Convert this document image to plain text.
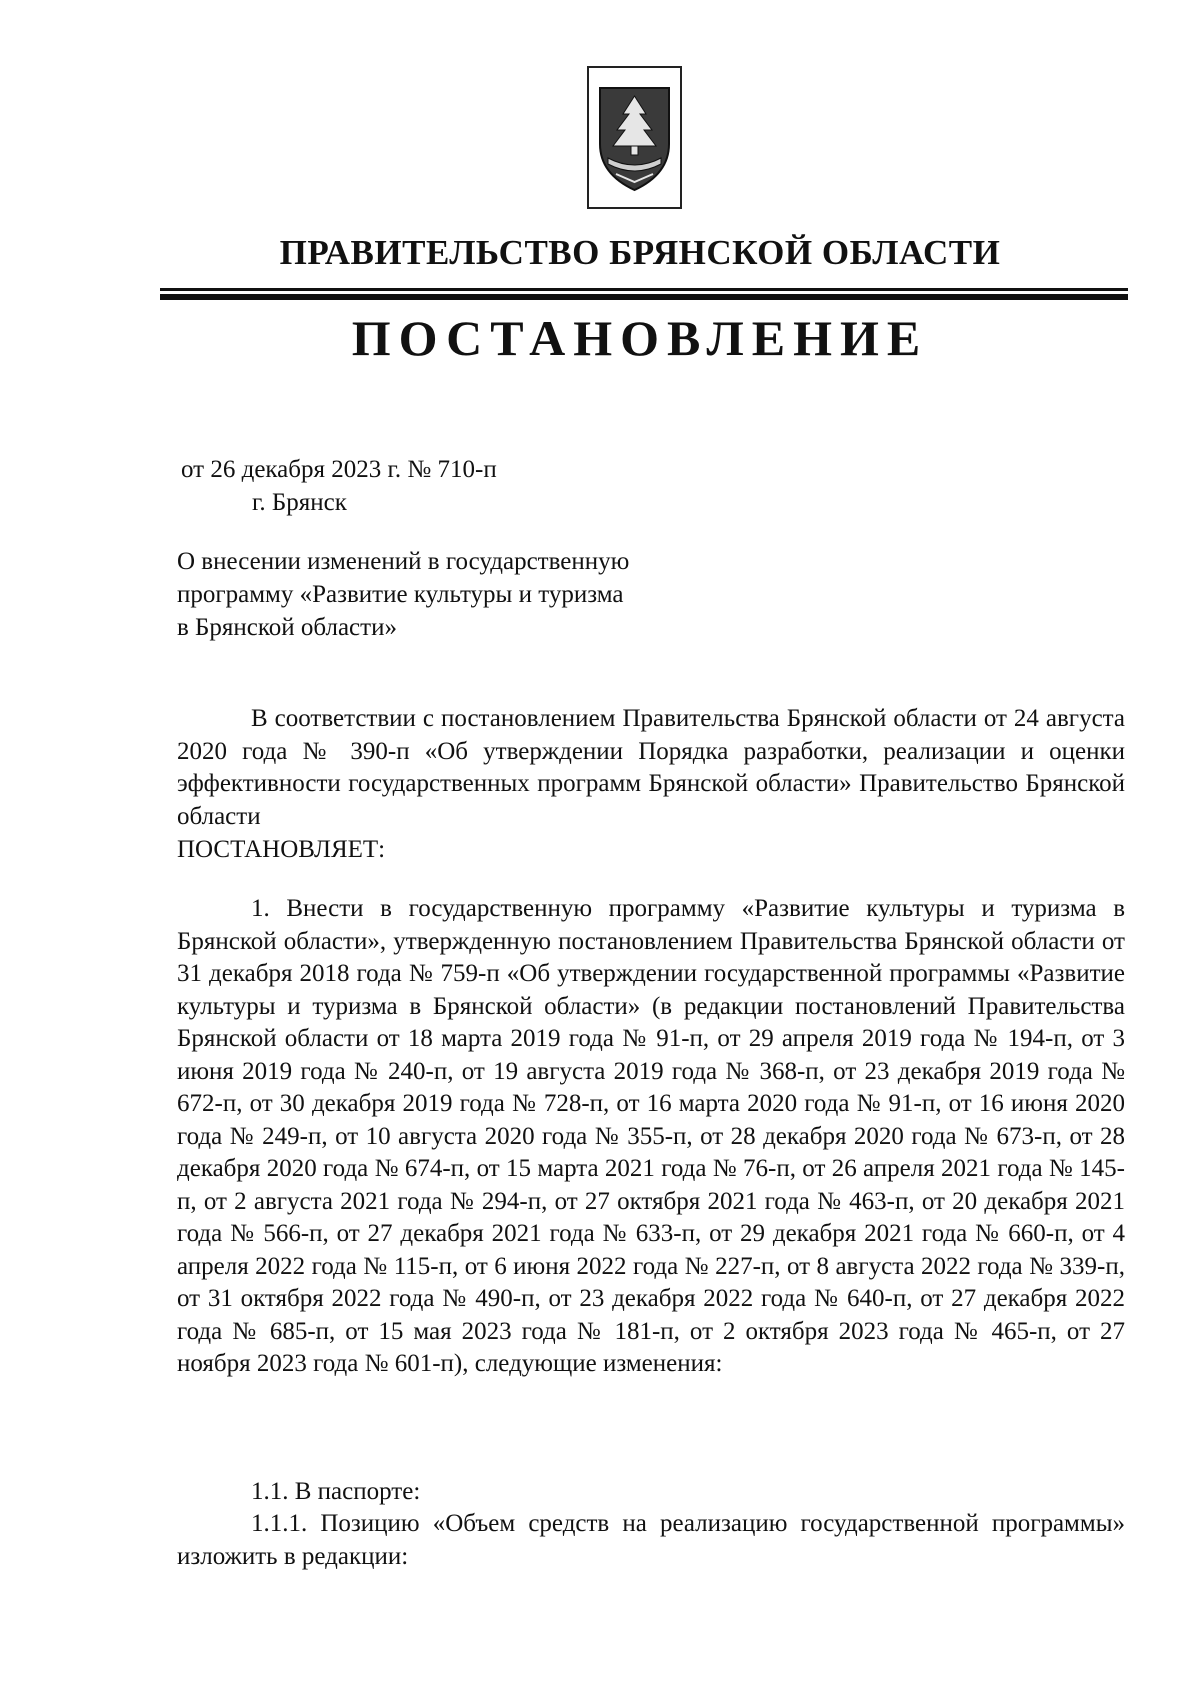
ПРАВИТЕЛЬСТВО БРЯНСКОЙ ОБЛАСТИ
ПОСТАНОВЛЕНИЕ

от 26 декабря 2023 г. № 710-п

г. Брянск

О внесении изменений в государственную
программу «Развитие культуры и туризма
в Брянской области»

В соответствии с постановлением Правительства Брянской области от 24 августа 2020 года № 390-п «Об утверждении Порядка разработки, реализации и оценки эффективности государственных программ Брянской области» Правительство Брянской области

ПОСТАНОВЛЯЕТ:

1. Внести в государственную программу «Развитие культуры и туризма в Брянской области», утвержденную постановлением Правительства Брянской области от 31 декабря 2018 года № 759-п «Об утверждении государственной программы «Развитие культуры и туризма в Брянской области» (в редакции постановлений Правительства Брянской области от 18 марта 2019 года № 91-п, от 29 апреля 2019 года № 194-п, от 3 июня 2019 года № 240-п, от 19 августа 2019 года № 368-п, от 23 декабря 2019 года № 672-п, от 30 декабря 2019 года № 728-п, от 16 марта 2020 года № 91-п, от 16 июня 2020 года № 249-п, от 10 августа 2020 года № 355-п, от 28 декабря 2020 года № 673-п, от 28 декабря 2020 года № 674-п, от 15 марта 2021 года № 76-п, от 26 апреля 2021 года № 145-п, от 2 августа 2021 года № 294-п, от 27 октября 2021 года № 463-п, от 20 декабря 2021 года № 566-п, от 27 декабря 2021 года № 633-п, от 29 декабря 2021 года № 660-п, от 4 апреля 2022 года № 115-п, от 6 июня 2022 года № 227-п, от 8 августа 2022 года № 339-п, от 31 октября 2022 года № 490-п, от 23 декабря 2022 года № 640-п, от 27 декабря 2022 года № 685-п, от 15 мая 2023 года № 181-п, от 2 октября 2023 года № 465-п, от 27 ноября 2023 года № 601-п), следующие изменения:

1.1. В паспорте:

1.1.1. Позицию «Объем средств на реализацию государственной программы» изложить в редакции:
